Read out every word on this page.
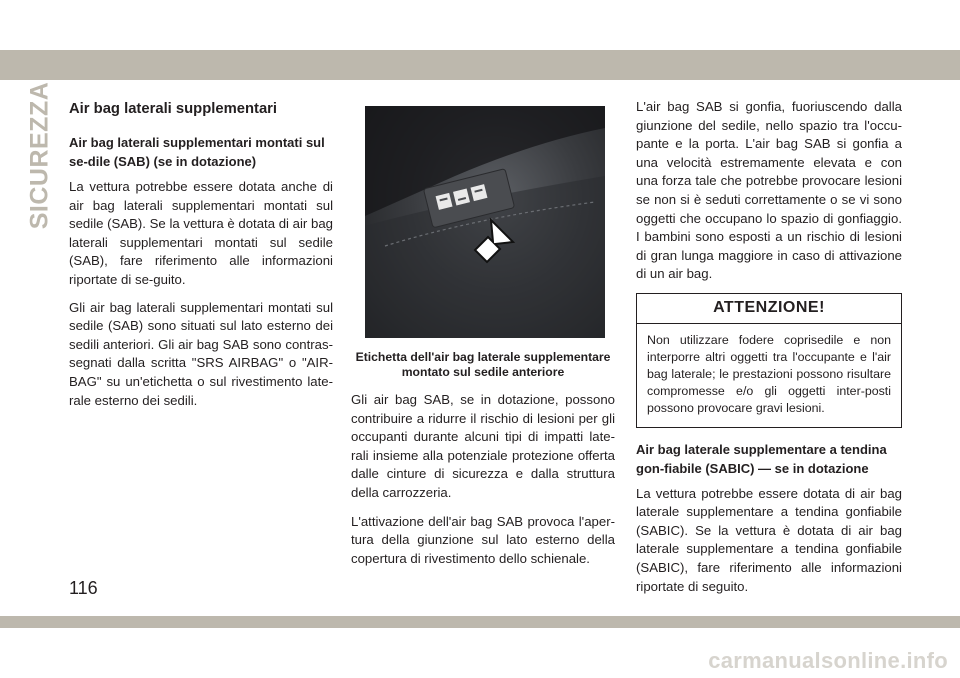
SICUREZZA Air bag laterali supplementari
Air bag laterali supplementari montati sul se-dile (SAB) (se in dotazione)

La vettura potrebbe essere dotata anche di air bag laterali supplementari montati sul sedile (SAB). Se la vettura è dotata di air bag laterali supplementari montati sul sedile (SAB), fare riferimento alle informazioni riportate di se-guito.

Gli air bag laterali supplementari montati sul sedile (SAB) sono situati sul lato esterno dei sedili anteriori. Gli air bag SAB sono contras-segnati dalla scritta "SRS AIRBAG" o "AIR-BAG" su un'etichetta o sul rivestimento late-rale esterno dei sedili.

Etichetta dell'air bag laterale supplementare montato sul sedile anteriore

Gli air bag SAB, se in dotazione, possono contribuire a ridurre il rischio di lesioni per gli occupanti durante alcuni tipi di impatti late-rali insieme alla potenziale protezione offerta dalle cinture di sicurezza e dalla struttura della carrozzeria.

L'attivazione dell'air bag SAB provoca l'aper-tura della giunzione sul lato esterno della copertura di rivestimento dello schienale.

L'air bag SAB si gonfia, fuoriuscendo dalla giunzione del sedile, nello spazio tra l'occu-pante e la porta. L'air bag SAB si gonfia a una velocità estremamente elevata e con una forza tale che potrebbe provocare lesioni se non si è seduti correttamente o se vi sono oggetti che occupano lo spazio di gonfiaggio. I bambini sono esposti a un rischio di lesioni di gran lunga maggiore in caso di attivazione di un air bag.

ATTENZIONE!

Non utilizzare fodere coprisedile e non interporre altri oggetti tra l'occupante e l'air bag laterale; le prestazioni possono risultare compromesse e/o gli oggetti inter-posti possono provocare gravi lesioni.

Air bag laterale supplementare a tendina gon-fiabile (SABIC) — se in dotazione

La vettura potrebbe essere dotata di air bag laterale supplementare a tendina gonfiabile (SABIC). Se la vettura è dotata di air bag laterale supplementare a tendina gonfiabile (SABIC), fare riferimento alle informazioni riportate di seguito.

116
carmanualsonline.info
